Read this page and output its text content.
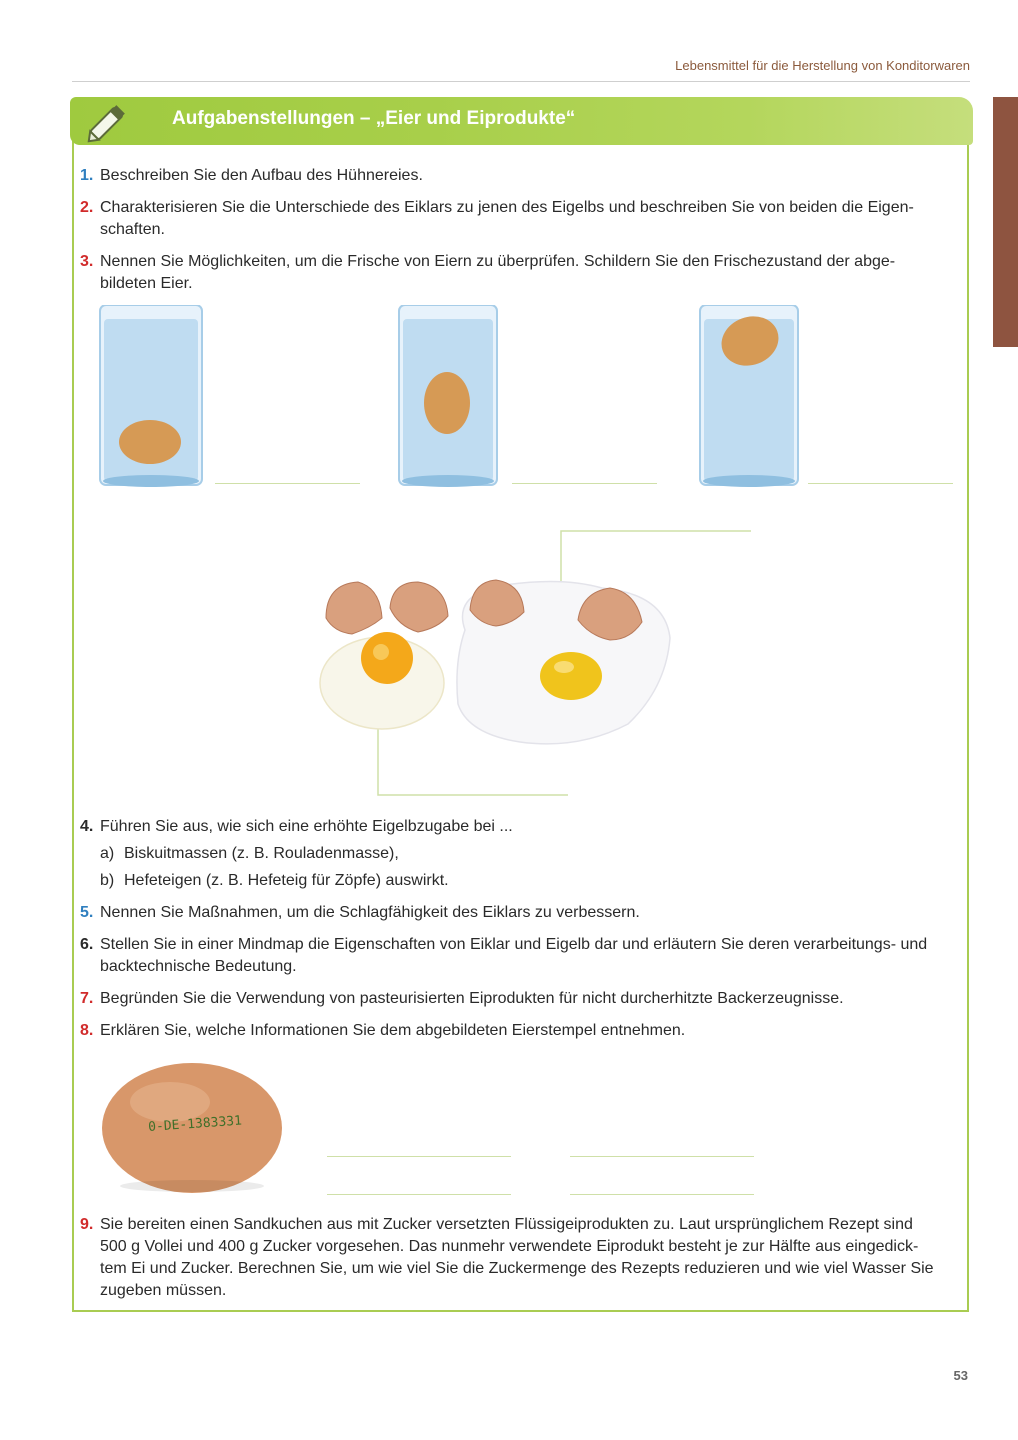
Lebensmittel für die Herstellung von Konditorwaren
Aufgabenstellungen – „Eier und Eiprodukte“
1. Beschreiben Sie den Aufbau des Hühnereies.
2. Charakterisieren Sie die Unterschiede des Eiklars zu jenen des Eigelbs und beschreiben Sie von beiden die Eigen-
schaften.
3. Nennen Sie Möglichkeiten, um die Frische von Eiern zu überprüfen. Schildern Sie den Frischezustand der abge-
bildeten Eier.
4. Führen Sie aus, wie sich eine erhöhte Eigelbzugabe bei ...
a) Biskuitmassen (z. B. Rouladenmasse),
b) Hefeteigen (z. B. Hefeteig für Zöpfe) auswirkt.
5. Nennen Sie Maßnahmen, um die Schlagfähigkeit des Eiklars zu verbessern.
6. Stellen Sie in einer Mindmap die Eigenschaften von Eiklar und Eigelb dar und erläutern Sie deren verarbeitungs- und
backtechnische Bedeutung.
7. Begründen Sie die Verwendung von pasteurisierten Eiprodukten für nicht durcherhitzte Backerzeugnisse.
8. Erklären Sie, welche Informationen Sie dem abgebildeten Eierstempel entnehmen.
0-DE-1383331
9. Sie bereiten einen Sandkuchen aus mit Zucker versetzten Flüssigeiprodukten zu. Laut ursprünglichem Rezept sind
500 g Vollei und 400 g Zucker vorgesehen. Das nunmehr verwendete Eiprodukt besteht je zur Hälfte aus eingedick-
tem Ei und Zucker. Berechnen Sie, um wie viel Sie die Zuckermenge des Rezepts reduzieren und wie viel Wasser Sie
zugeben müssen.
53
